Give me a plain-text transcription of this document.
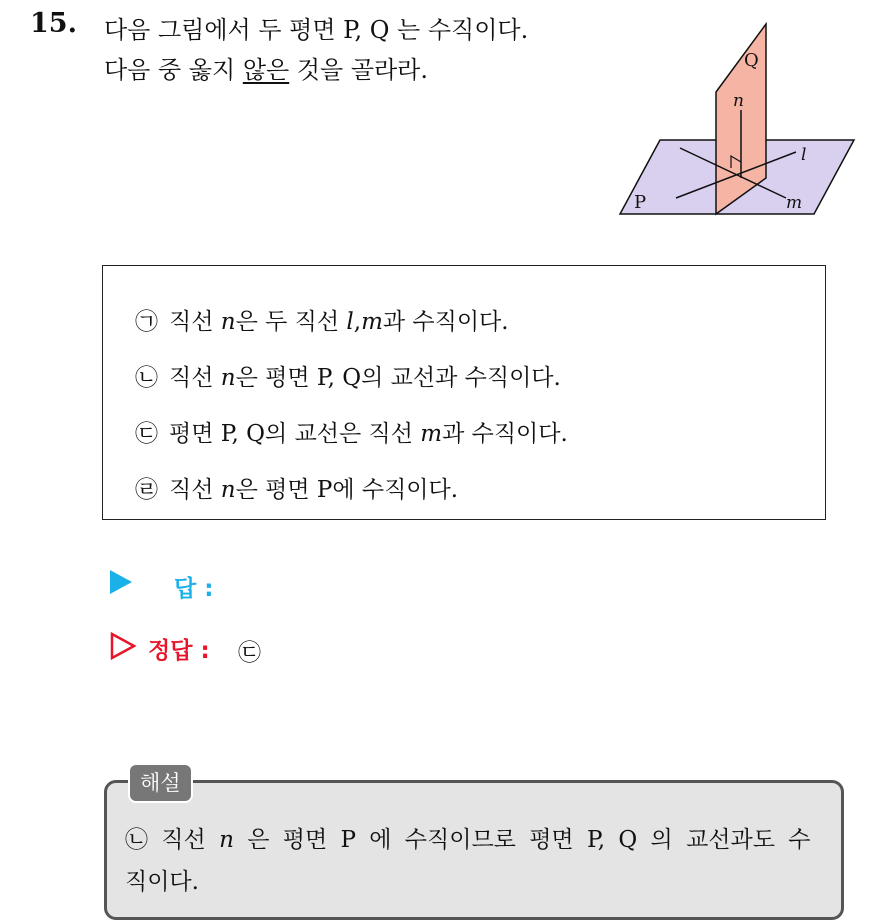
15. 다음 그림에서 두 평면 P, Q 는 수직이다.
다음 중 옳지 않은 것을 골라라.
P
Q
n
l
m
㉠ 직선 n은 두 직선 l,m과 수직이다.
㉡ 직선 n은 평면 P, Q의 교선과 수직이다.
㉢ 평면 P, Q의 교선은 직선 m과 수직이다.
㉣ 직선 n은 평면 P에 수직이다.
답 :
정답 : ㉢
㉡ 직선 n 은 평면 P 에 수직이므로 평면 P, Q 의 교선과도 수직이다.
해설
